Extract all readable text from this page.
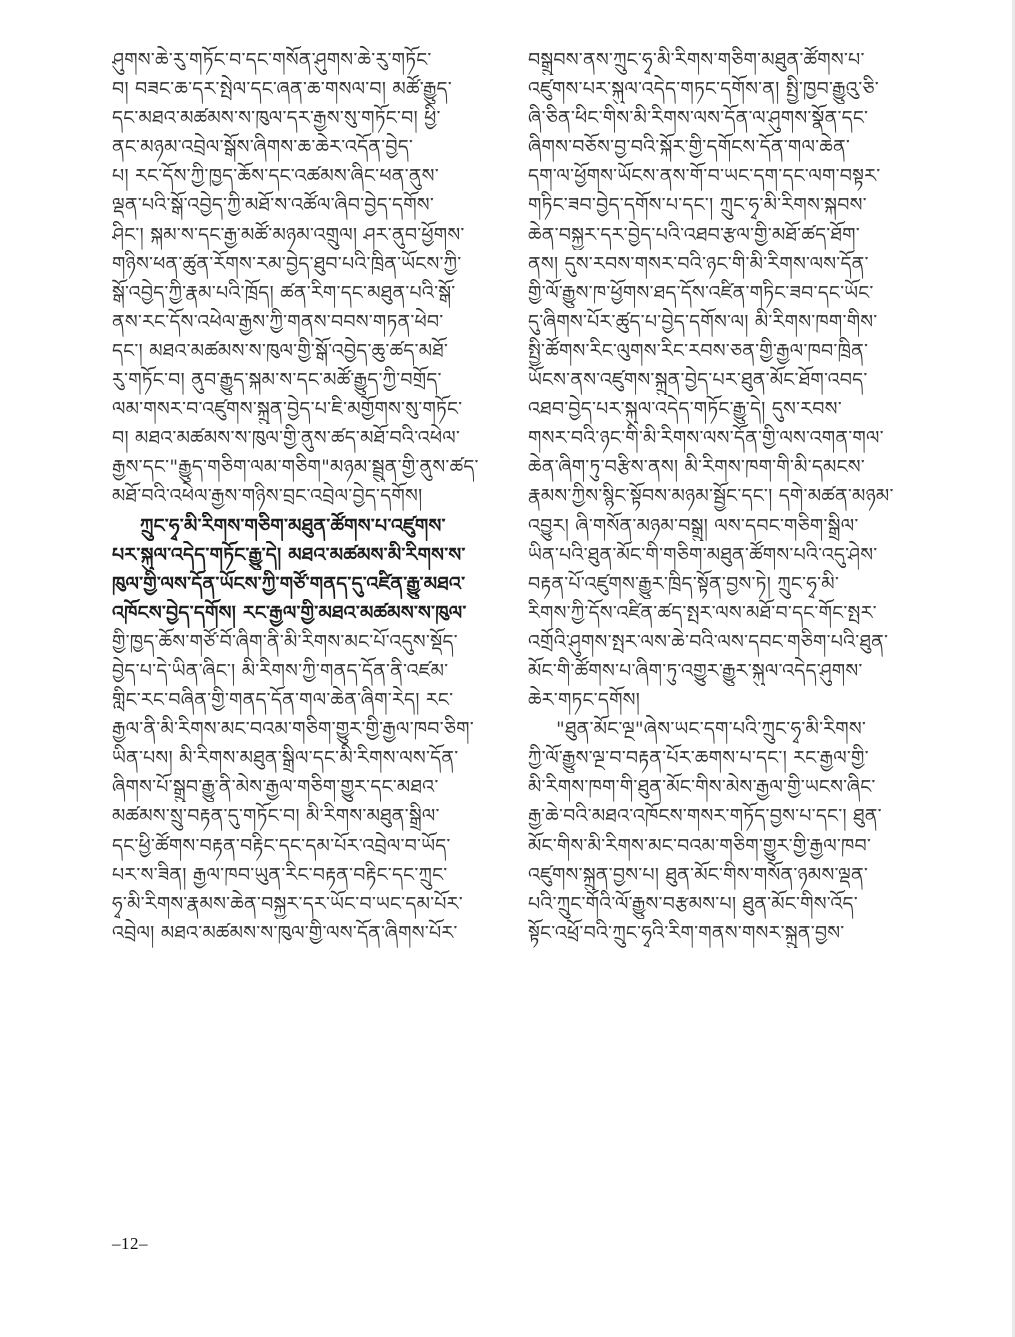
ཤུགས་ཆེ་རུ་གཏོང་བ་དང་གསོན་ཤུགས་ཆེ་རུ་གཏོང་
བ། བཟང་ཆ་དར་སྤེལ་དང་ཞན་ཆ་གསལ་བ། མཚོ་རྒྱུད་
དང་མཐའ་མཚམས་ས་ཁུལ་དར་རྒྱས་སུ་གཏོང་བ། ཕྱི་
ནང་མཉམ་འབྲེལ་སྒོས་ཞིགས་ཆ་ཆེར་འདོན་བྱེད་
པ། རང་དོས་ཀྱི་ཁྱད་ཆོས་དང་འཚམས་ཞིང་ཕན་ནུས་
ལྡན་པའི་སྒོ་འབྱེད་ཀྱི་མཐོ་ས་འཚོལ་ཞིབ་བྱེད་དགོས་
ཤིང་། སྐམ་ས་དང་རྒྱ་མཚོ་མཉམ་འགྲུལ། ཤར་ནུབ་ཕྱོགས་
གཉིས་ཕན་ཚུན་རོགས་རམ་བྱེད་ཐུབ་པའི་ཁྲིན་ཡོངས་ཀྱི་
སྒོ་འབྱེད་ཀྱི་རྣམ་པའི་ཁྲོད། ཚན་རིག་དང་མཐུན་པའི་སྒོ་
ནས་རང་དོས་འཕེལ་རྒྱས་ཀྱི་གནས་བབས་གཏན་ཕེབ་
དང་། མཐའ་མཚམས་ས་ཁུལ་གྱི་སྒོ་འབྱེད་ཆུ་ཚད་མཐོ་
རུ་གཏོང་བ། ནུབ་རྒྱུད་སྐམ་ས་དང་མཚོ་རྒྱུད་ཀྱི་བགྲོད་
ལམ་གསར་བ་འཛུགས་སྐྲུན་བྱེད་པ་ཇི་མགྱོགས་སུ་གཏོང་
བ། མཐའ་མཚམས་ས་ཁུལ་གྱི་ནུས་ཚད་མཐོ་བའི་འཕེལ་
རྒྱས་དང་"རྒྱུད་གཅིག་ལམ་གཅིག"མཉམ་སྦྲུན་གྱི་ནུས་ཚད་
མཐོ་བའི་འཕེལ་རྒྱས་གཉིས་བྲང་འབྲེལ་བྱེད་དགོས།
ཀྲུང་ཧྭ་མི་རིགས་གཅིག་མཐུན་ཚོགས་པ་འཛུགས་
པར་སྐུལ་འདེད་གཏོང་རྒྱུ་དེ། མཐའ་མཚམས་མི་རིགས་ས་
ཁུལ་གྱི་ལས་དོན་ཡོངས་ཀྱི་གཙོ་གནད་དུ་འཛིན་རྒྱུ་མཐའ་
འཁོངས་བྱེད་དགོས། རང་རྒྱལ་གྱི་མཐའ་མཚམས་ས་ཁུལ་
གྱི་ཁྱད་ཆོས་གཙོ་བོ་ཞིག་ནི་མི་རིགས་མང་པོ་འདུས་སྡོད་
བྱེད་པ་དེ་ཡིན་ཞིང་། མི་རིགས་ཀྱི་གནད་དོན་ནི་འཛམ་
གླིང་རང་བཞིན་གྱི་གནད་དོན་གལ་ཆེན་ཞིག་རེད། རང་
རྒྱལ་ནི་མི་རིགས་མང་བའམ་གཅིག་གྱུར་གྱི་རྒྱལ་ཁབ་ཅིག་
ཡིན་པས། མི་རིགས་མཐུན་སྒྲིལ་དང་མི་རིགས་ལས་དོན་
ཞིགས་པོ་སྒྲུབ་རྒྱུ་ནི་མེས་རྒྱལ་གཅིག་གྱུར་དང་མཐའ་
མཚམས་སྲུ་བརྟན་དུ་གཏོང་བ། མི་རིགས་མཐུན་སྒྲིལ་
དང་ཕྱི་ཚོགས་བརྟན་བརྟིང་དང་དམ་པོར་འབྲེལ་བ་ཡོད་
པར་ས་ཟིན། རྒྱལ་ཁབ་ཡུན་རིང་བརྟན་བརྟིང་དང་ཀྲུང་
ཧྭ་མི་རིགས་རྣམས་ཆེན་བསྐྱར་དར་ཡོང་བ་ཡང་དམ་པོར་
འབྲེལ། མཐའ་མཚམས་ས་ཁུལ་གྱི་ལས་དོན་ཞིགས་པོར་
བསྒྲུབས་ནས་ཀྲུང་ཧྭ་མི་རིགས་གཅིག་མཐུན་ཚོགས་པ་
འཛུགས་པར་སྐུལ་འདེད་གཏང་དགོས་ན། སྤྱི་ཁྱབ་རྒྱུའུ་ཅི་
ཞི་ཅིན་ཕིང་གིས་མི་རིགས་ལས་དོན་ལ་ཤུགས་སྣོན་དང་
ཞིགས་བཅོས་བྱ་བའི་སྐོར་གྱི་དགོངས་དོན་གལ་ཆེན་
དག་ལ་ཕྱོགས་ཡོངས་ནས་གོ་བ་ཡང་དག་དང་ལག་བསྟར་
གཏིང་ཟབ་བྱེད་དགོས་པ་དང་། ཀྲུང་ཧྭ་མི་རིགས་སྐབས་
ཆེན་བསྐྱར་དར་བྱེད་པའི་འཐབ་རྩལ་གྱི་མཐོ་ཚད་ཐོག་
ནས། དུས་རབས་གསར་བའི་ཉང་གི་མི་རིགས་ལས་དོན་
གྱི་ལོ་རྒྱུས་ཁ་ཕྱོགས་ཐད་དོས་འཛིན་གཏིང་ཟབ་དང་ཡོང་
དུ་ཞིགས་པོར་ཚུད་པ་བྱེད་དགོས་ལ། མི་རིགས་ཁག་གིས་
སྤྱི་ཚོགས་རིང་ལུགས་རིང་རབས་ཅན་གྱི་རྒྱལ་ཁབ་ཁྲིན་
ཡོངས་ནས་འཛུགས་སྐྲུན་བྱེད་པར་ཐུན་མོང་ཐོག་འབད་
འཐབ་བྱེད་པར་སྐུལ་འདེད་གཏོང་རྒྱུ་དེ། དུས་རབས་
གསར་བའི་ཉང་གི་མི་རིགས་ལས་དོན་གྱི་ལས་འགན་གལ་
ཆེན་ཞིག་ཏུ་བརྩིས་ནས། མི་རིགས་ཁག་གི་མི་དམངས་
རྣམས་ཀྱིས་སྙིང་སྟོབས་མཉམ་སྦྱོང་དང་། དགེ་མཚན་མཉམ་
འབྱུར། ཞི་གསོན་མཉམ་བསྒྲུ། ལས་དབང་གཅིག་སྒྲིལ་
ཡིན་པའི་ཐུན་མོང་གི་གཅིག་མཐུན་ཚོགས་པའི་འདུ་ཤེས་
བརྟན་པོ་འཛུགས་རྒྱུར་ཁྲིད་སྟོན་བྱས་ཏེ། ཀྲུང་ཧྭ་མི་
རིགས་ཀྱི་དོས་འཛིན་ཚད་སྤར་ལས་མཐོ་བ་དང་གོང་སྤར་
འགྲོའི་ཤུགས་སྤར་ལས་ཆེ་བའི་ལས་དབང་གཅིག་པའི་ཐུན་
མོང་གི་ཚོགས་པ་ཞིག་ཏུ་འགྱུར་རྒྱུར་སྐུལ་འདེད་ཤུགས་
ཆེར་གཏང་དགོས།
"ཐུན་མོང་ལྔ"ཞེས་ཡང་དག་པའི་ཀྲུང་ཧྭ་མི་རིགས་
ཀྱི་ལོ་རྒྱུས་ལྔ་བ་བརྟན་པོར་ཆགས་པ་དང་། རང་རྒྱལ་གྱི་
མི་རིགས་ཁག་གི་ཐུན་མོང་གིས་མེས་རྒྱལ་གྱི་ཡངས་ཞིང་
རྒྱ་ཆེ་བའི་མཐའ་འཁོངས་གསར་གཏོད་བྱས་པ་དང་། ཐུན་
མོང་གིས་མི་རིགས་མང་བའམ་གཅིག་གྱུར་གྱི་རྒྱལ་ཁབ་
འཛུགས་སྐྲུན་བྱས་པ། ཐུན་མོང་གིས་གསོན་ཉམས་ལྡན་
པའི་ཀྲུང་གོའི་ལོ་རྒྱུས་བརྩམས་པ། ཐུན་མོང་གིས་འོད་
སྟོང་འཕྲོ་བའི་ཀྲུང་ཧྭའི་རིག་གནས་གསར་སྐྲུན་བྱས་
–12–
